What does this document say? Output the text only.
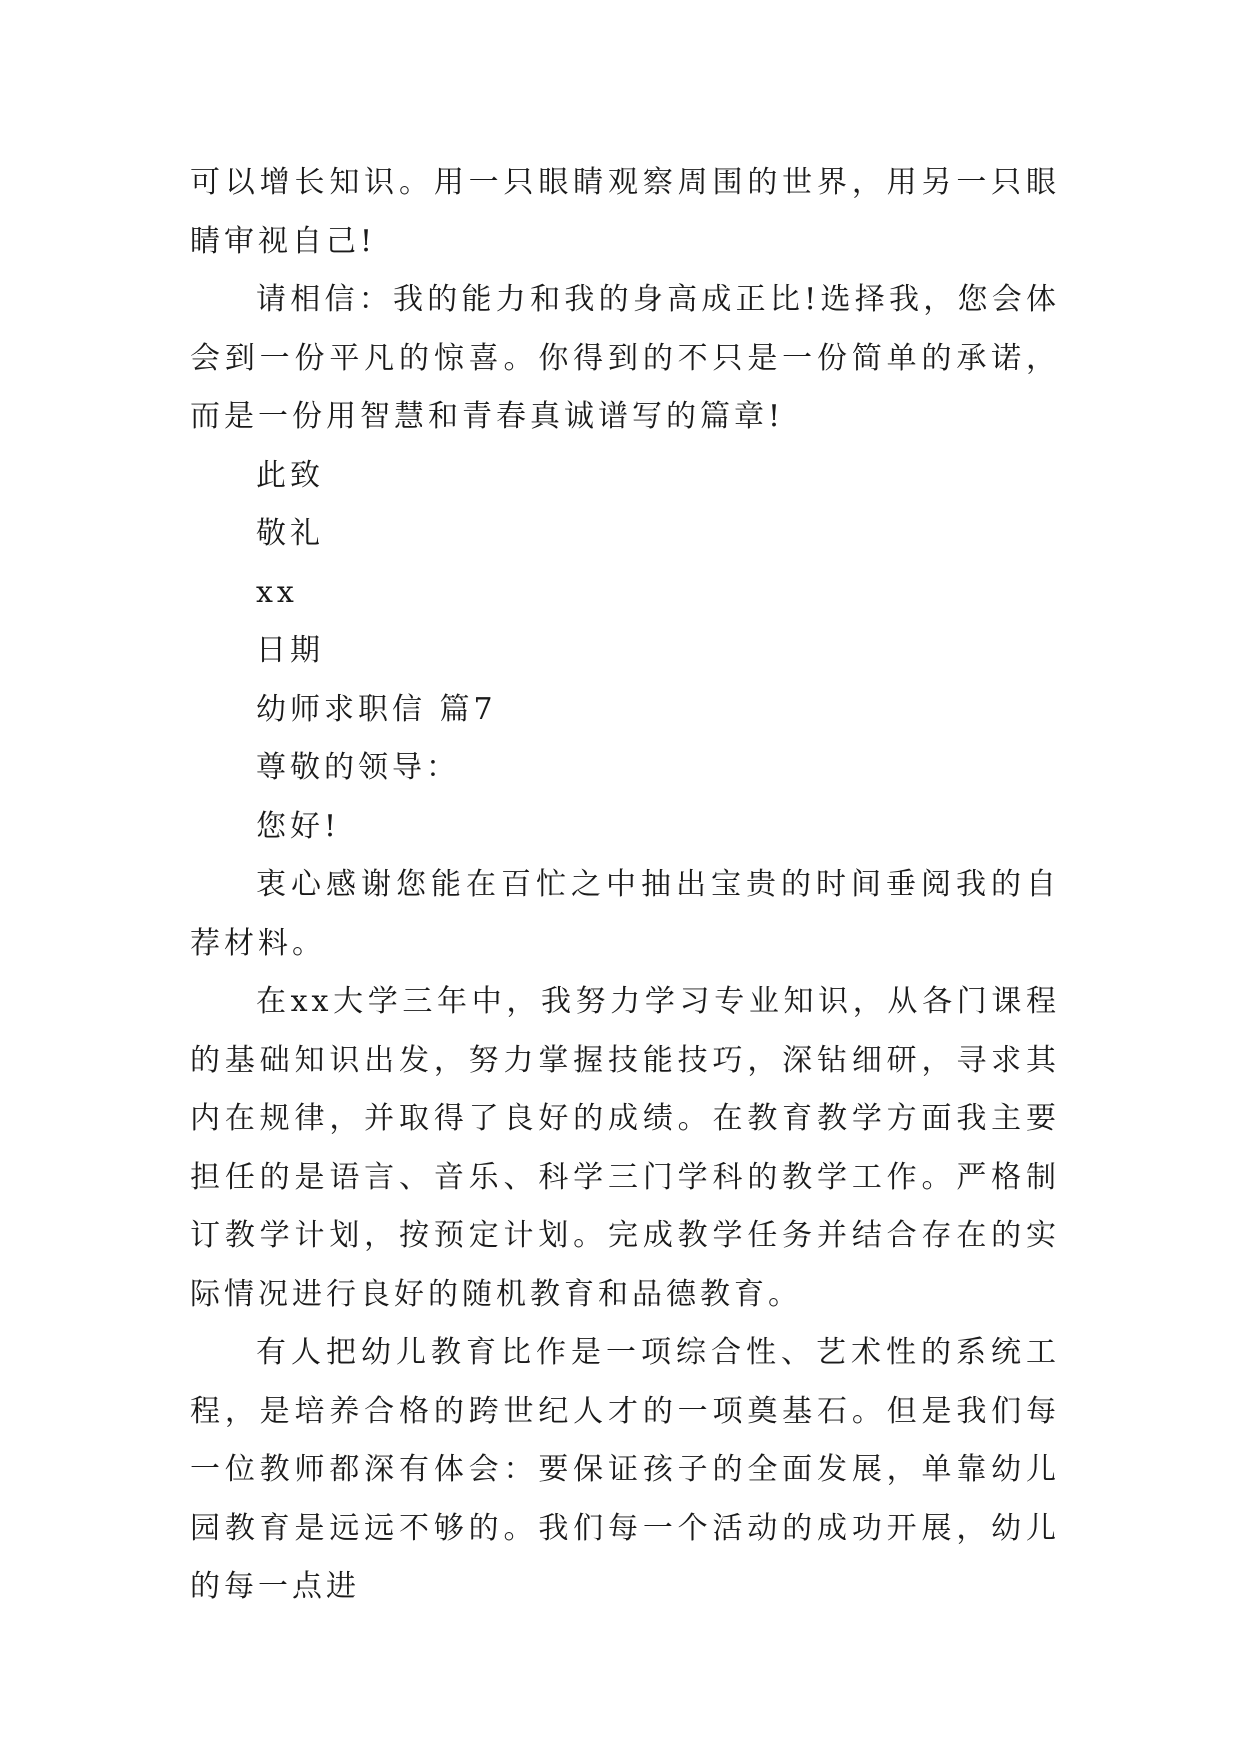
可以增长知识。用一只眼睛观察周围的世界，用另一只眼睛审视自己!

请相信：我的能力和我的身高成正比!选择我，您会体会到一份平凡的惊喜。你得到的不只是一份简单的承诺，而是一份用智慧和青春真诚谱写的篇章!

此致

敬礼

xx

日期

幼师求职信 篇7

尊敬的领导：

您好!

衷心感谢您能在百忙之中抽出宝贵的时间垂阅我的自荐材料。

在xx大学三年中，我努力学习专业知识，从各门课程的基础知识出发，努力掌握技能技巧，深钻细研，寻求其内在规律，并取得了良好的成绩。在教育教学方面我主要担任的是语言、音乐、科学三门学科的教学工作。严格制订教学计划，按预定计划。完成教学任务并结合存在的实际情况进行良好的随机教育和品德教育。

有人把幼儿教育比作是一项综合性、艺术性的系统工程，是培养合格的跨世纪人才的一项奠基石。但是我们每一位教师都深有体会：要保证孩子的全面发展，单靠幼儿园教育是远远不够的。我们每一个活动的成功开展，幼儿的每一点进
